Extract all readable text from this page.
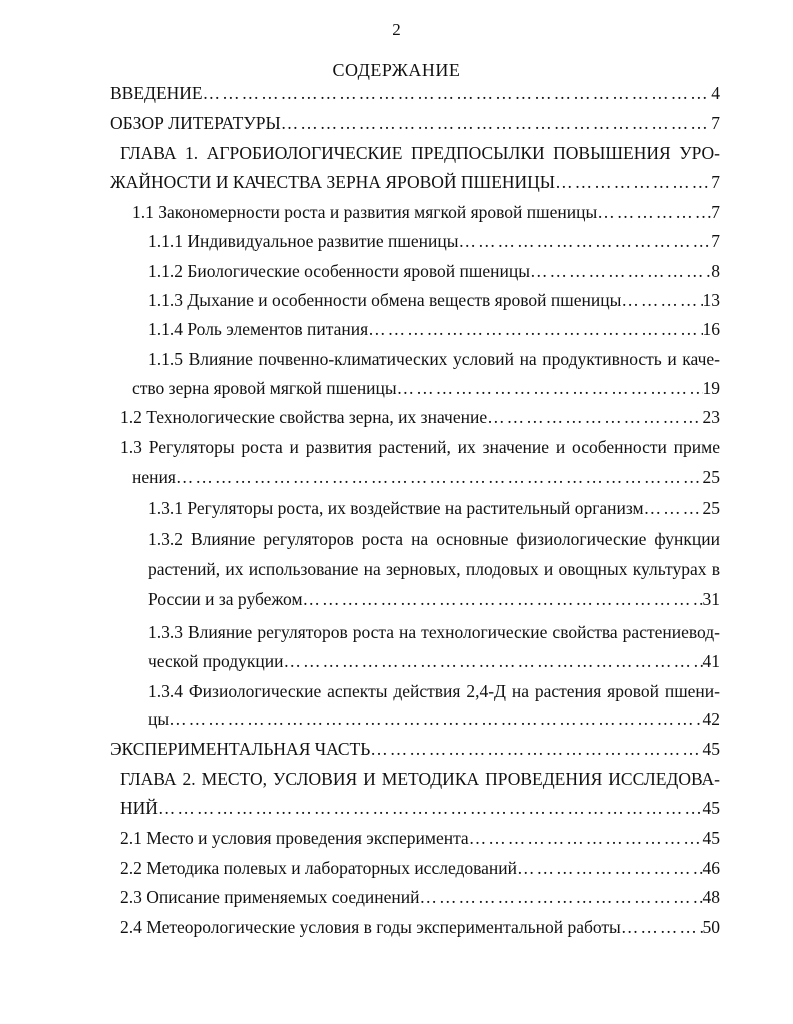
2
СОДЕРЖАНИЕ
ВВЕДЕНИЕ ………………………………………………………………………………………………………………………………………………………………………………	4
ОБЗОР ЛИТЕРАТУРЫ ………………………………………………………………………………………………………………………………………………………………………………	7
ГЛАВА 1. АГРОБИОЛОГИЧЕСКИЕ ПРЕДПОСЫЛКИ ПОВЫШЕНИЯ УРО-
ЖАЙНОСТИ И КАЧЕСТВА ЗЕРНА ЯРОВОЙ ПШЕНИЦЫ ………………………………………………………………………………………………………………………………………………………………………………	7
1.1 Закономерности роста и развития мягкой яровой пшеницы ………………………………………………………………………………………………………………………………………………………………………………	7
1.1.1 Индивидуальное развитие пшеницы ………………………………………………………………………………………………………………………………………………………………………………	7
1.1.2 Биологические особенности яровой пшеницы ………………………………………………………………………………………………………………………………………………………………………………	8
1.1.3 Дыхание и особенности обмена веществ яровой пшеницы ………………………………………………………………………………………………………………………………………………………………………………	13
1.1.4 Роль элементов питания ………………………………………………………………………………………………………………………………………………………………………………	16
1.1.5 Влияние почвенно-климатических условий на продуктивность и каче-
ство зерна яровой мягкой пшеницы ………………………………………………………………………………………………………………………………………………………………………………	19
1.2 Технологические свойства зерна, их значение ………………………………………………………………………………………………………………………………………………………………………………	23
1.3 Регуляторы роста и развития растений, их значение и особенности приме
нения ………………………………………………………………………………………………………………………………………………………………………………	25
1.3.1 Регуляторы роста, их воздействие на растительный организм ………………………………………………………………………………………………………………………………………………………………………………	25
1.3.2 Влияние регуляторов роста на основные физиологические функции
растений, их использование на зерновых, плодовых и овощных культурах в
России и за рубежом ………………………………………………………………………………………………………………………………………………………………………………	31
1.3.3 Влияние регуляторов роста на технологические свойства растениевод-
ческой продукции ………………………………………………………………………………………………………………………………………………………………………………	41
1.3.4 Физиологические аспекты действия 2,4-Д на растения яровой пшени-
цы ………………………………………………………………………………………………………………………………………………………………………………	42
ЭКСПЕРИМЕНТАЛЬНАЯ ЧАСТЬ ………………………………………………………………………………………………………………………………………………………………………………	45
ГЛАВА 2. МЕСТО, УСЛОВИЯ И МЕТОДИКА ПРОВЕДЕНИЯ ИССЛЕДОВА-
НИЙ ………………………………………………………………………………………………………………………………………………………………………………	45
2.1 Место и условия проведения эксперимента ………………………………………………………………………………………………………………………………………………………………………………	45
2.2 Методика полевых и лабораторных исследований ………………………………………………………………………………………………………………………………………………………………………………	46
2.3 Описание применяемых соединений ………………………………………………………………………………………………………………………………………………………………………………	48
2.4 Метеорологические условия в годы экспериментальной работы ………………………………………………………………………………………………………………………………………………………………………………	50
